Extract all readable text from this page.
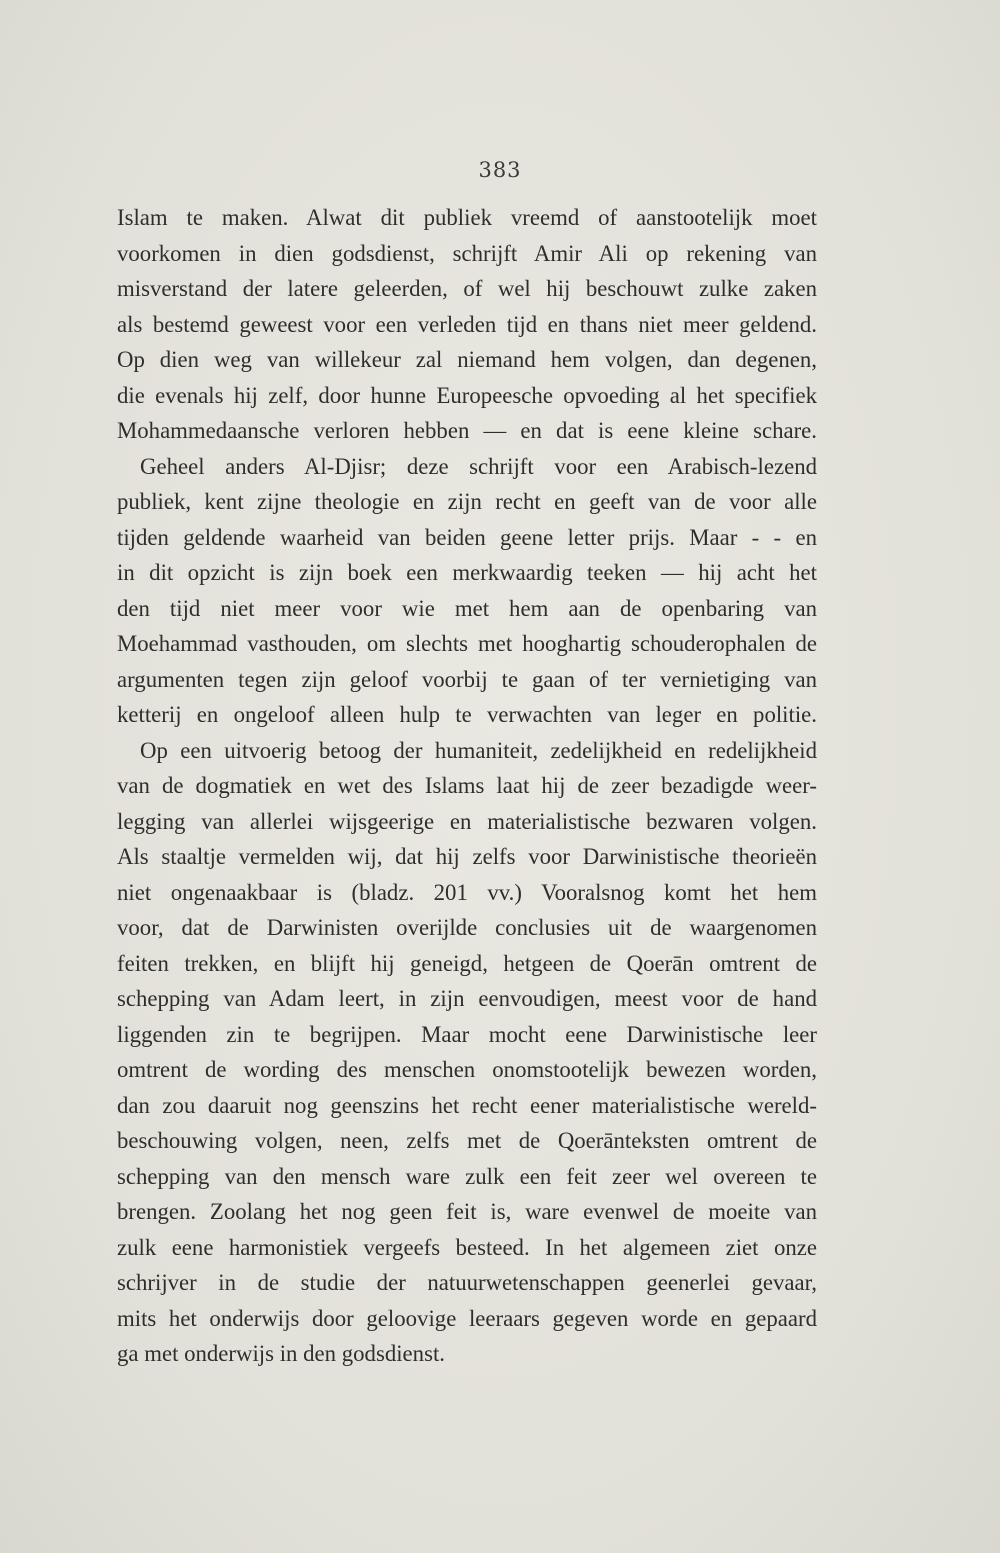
383
Islam te maken. Alwat dit publiek vreemd of aanstootelijk moet
voorkomen in dien godsdienst, schrijft Amir Ali op rekening van
misverstand der latere geleerden, of wel hij beschouwt zulke zaken
als bestemd geweest voor een verleden tijd en thans niet meer geldend.
Op dien weg van willekeur zal niemand hem volgen, dan degenen,
die evenals hij zelf, door hunne Europeesche opvoeding al het specifiek
Mohammedaansche verloren hebben — en dat is eene kleine schare.
Geheel anders Al-Djisr; deze schrijft voor een Arabisch-lezend
publiek, kent zijne theologie en zijn recht en geeft van de voor alle
tijden geldende waarheid van beiden geene letter prijs. Maar - - en
in dit opzicht is zijn boek een merkwaardig teeken — hij acht het
den tijd niet meer voor wie met hem aan de openbaring van
Moehammad vasthouden, om slechts met hooghartig schouderophalen de
argumenten tegen zijn geloof voorbij te gaan of ter vernietiging van
ketterij en ongeloof alleen hulp te verwachten van leger en politie.
Op een uitvoerig betoog der humaniteit, zedelijkheid en redelijkheid
van de dogmatiek en wet des Islams laat hij de zeer bezadigde weer-
legging van allerlei wijsgeerige en materialistische bezwaren volgen.
Als staaltje vermelden wij, dat hij zelfs voor Darwinistische theorieën
niet ongenaakbaar is (bladz. 201 vv.) Vooralsnog komt het hem
voor, dat de Darwinisten overijlde conclusies uit de waargenomen
feiten trekken, en blijft hij geneigd, hetgeen de Qoerān omtrent de
schepping van Adam leert, in zijn eenvoudigen, meest voor de hand
liggenden zin te begrijpen. Maar mocht eene Darwinistische leer
omtrent de wording des menschen onomstootelijk bewezen worden,
dan zou daaruit nog geenszins het recht eener materialistische wereld-
beschouwing volgen, neen, zelfs met de Qoerānteksten omtrent de
schepping van den mensch ware zulk een feit zeer wel overeen te
brengen. Zoolang het nog geen feit is, ware evenwel de moeite van
zulk eene harmonistiek vergeefs besteed. In het algemeen ziet onze
schrijver in de studie der natuurwetenschappen geenerlei gevaar,
mits het onderwijs door geloovige leeraars gegeven worde en gepaard
ga met onderwijs in den godsdienst.
